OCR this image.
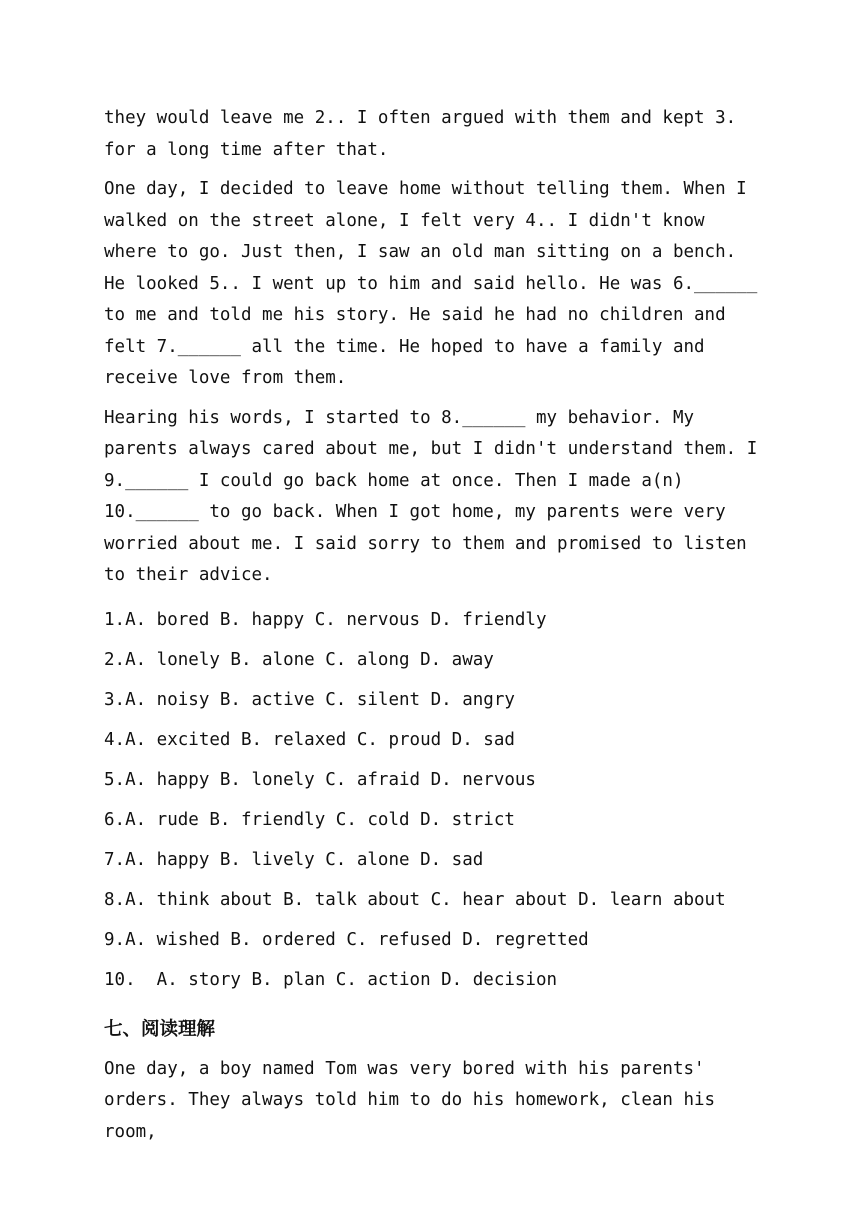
they would leave me 2.. I often argued with them and kept 3. for a long time after that.

One day, I decided to leave home without telling them. When I walked on the street alone, I felt very 4.. I didn't know where to go. Just then, I saw an old man sitting on a bench. He looked 5.. I went up to him and said hello. He was 6.______ to me and told me his story. He said he had no children and felt 7.______ all the time. He hoped to have a family and receive love from them.

Hearing his words, I started to 8.______ my behavior. My parents always cared about me, but I didn't understand them. I 9.______ I could go back home at once. Then I made a(n) 10.______ to go back. When I got home, my parents were very worried about me. I said sorry to them and promised to listen to their advice.

1.A. bored B. happy C. nervous D. friendly
2.A. lonely B. alone C. along D. away
3.A. noisy B. active C. silent D. angry
4.A. excited B. relaxed C. proud D. sad
5.A. happy B. lonely C. afraid D. nervous
6.A. rude B. friendly C. cold D. strict
7.A. happy B. lively C. alone D. sad
8.A. think about B. talk about C. hear about D. learn about
9.A. wished B. ordered C. refused D. regretted
10.  A. story B. plan C. action D. decision
七、阅读理解

One day, a boy named Tom was very bored with his parents' orders. They always told him to do his homework, clean his room,
